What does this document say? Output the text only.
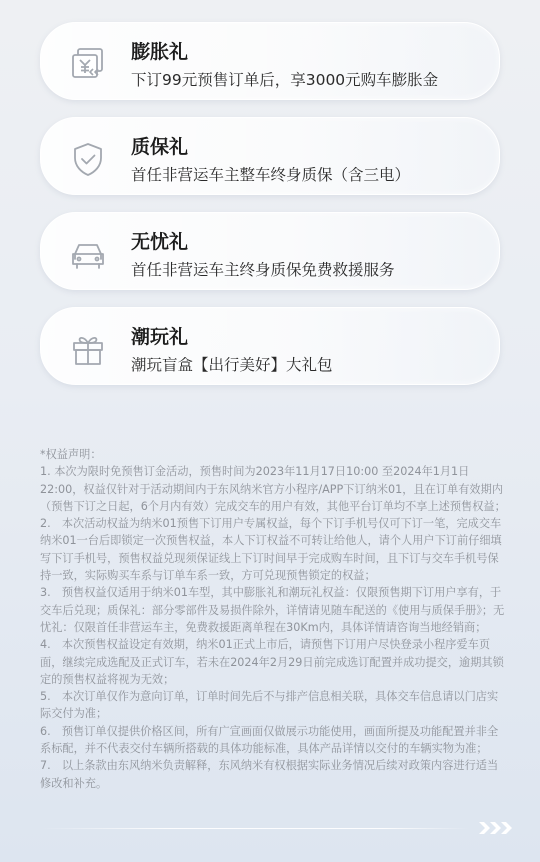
膨胀礼
下订99元预售订单后，享3000元购车膨胀金
质保礼
首任非营运车主整车终身质保（含三电）
无忧礼
首任非营运车主终身质保免费救援服务
潮玩礼
潮玩盲盒【出行美好】大礼包

*权益声明：

1. 本次为限时免预售订金活动，预售时间为2023年11月17日10:00 至2024年1月1日22:00，权益仅针对于活动期间内于东风纳米官方小程序/APP下订纳米01，且在订单有效期内（预售下订之日起，6个月内有效）完成交车的用户有效，其他平台订单均不享上述预售权益；

2.　本次活动权益为纳米01预售下订用户专属权益，每个下订手机号仅可下订一笔，完成交车纳米01一台后即锁定一次预售权益，本人下订权益不可转让给他人，请个人用户下订前仔细填写下订手机号，预售权益兑现须保证线上下订时间早于完成购车时间，且下订与交车手机号保持一致，实际购买车系与订单车系一致，方可兑现预售锁定的权益；

3.　预售权益仅适用于纳米01车型，其中膨胀礼和潮玩礼权益：仅限预售期下订用户享有，于交车后兑现；质保礼：部分零部件及易损件除外，详情请见随车配送的《使用与质保手册》；无忧礼：仅限首任非营运车主，免费救援距离单程在30Km内，具体详情请咨询当地经销商；

4.　本次预售权益设定有效期，纳米01正式上市后，请预售下订用户尽快登录小程序爱车页面，继续完成选配及正式订车，若未在2024年2月29日前完成选订配置并成功提交，逾期其锁定的预售权益将视为无效；

5.　本次订单仅作为意向订单，订单时间先后不与排产信息相关联，具体交车信息请以门店实际交付为准；

6.　预售订单仅提供价格区间，所有广宣画面仅做展示功能使用，画面所提及功能配置并非全系标配，并不代表交付车辆所搭载的具体功能标准，具体产品详情以交付的车辆实物为准；

7.　以上条款由东风纳米负责解释，东风纳米有权根据实际业务情况后续对政策内容进行适当修改和补充。
